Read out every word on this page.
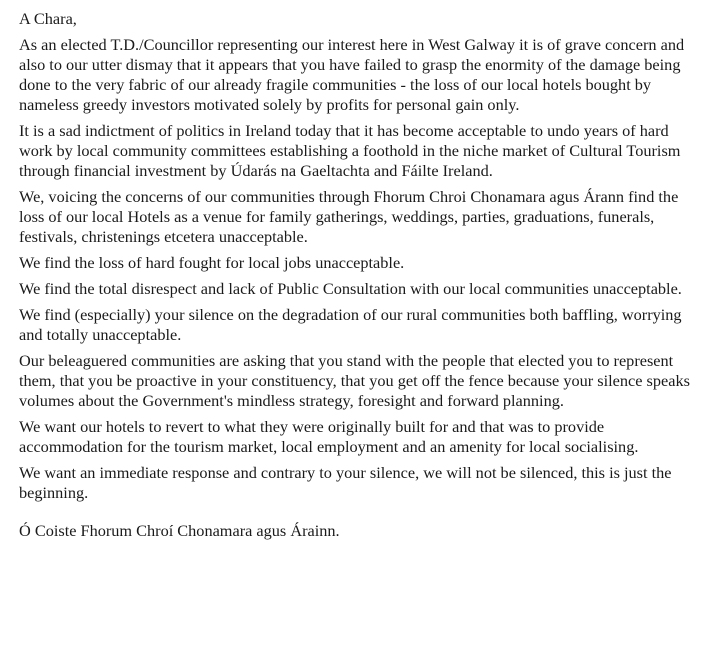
A Chara,
As an elected T.D./Councillor representing our interest here in West Galway it is of grave concern and also to our utter dismay that it appears that you have failed to grasp the enormity of the damage being done to the very fabric of our already fragile communities - the loss of our local hotels bought by nameless greedy investors motivated solely by profits for personal gain only.
It is a sad indictment of politics in Ireland today that it has become acceptable to undo years of hard work by local community committees establishing a foothold in the niche market of Cultural Tourism through financial investment by Údarás na Gaeltachta and Fáilte Ireland.
We, voicing the concerns of our communities through Fhorum Chroi Chonamara agus Árann find the loss of our local Hotels as a venue for family gatherings, weddings, parties, graduations, funerals, festivals, christenings etcetera unacceptable.
We find the loss of hard fought for local jobs unacceptable.
We find the total disrespect and lack of Public Consultation with our local communities unacceptable.
We find (especially) your silence on the degradation of our rural communities both baffling, worrying and totally unacceptable.
Our beleaguered communities are asking that you stand with the people that elected you to represent them, that you be proactive in your constituency, that you get off the fence because your silence speaks volumes about the Government's mindless strategy, foresight and forward planning.
We want our hotels to revert to what they were originally built for and that was to provide accommodation for the tourism market, local employment and an amenity for local socialising.
We want an immediate response and contrary to your silence, we will not be silenced, this is just the beginning.
Ó Coiste Fhorum Chroí Chonamara agus Árainn.
